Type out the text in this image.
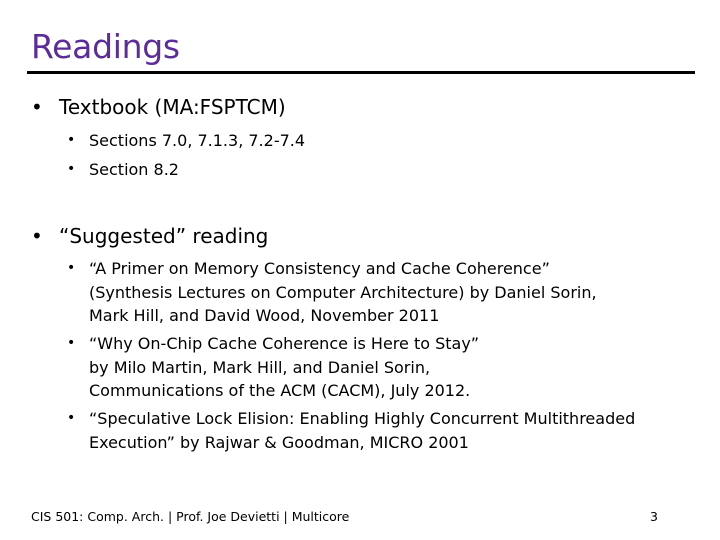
Readings
• Textbook (MA:FSPTCM)
• Sections 7.0, 7.1.3, 7.2-7.4
• Section 8.2
• “Suggested” reading
• “A Primer on Memory Consistency and Cache Coherence”
(Synthesis Lectures on Computer Architecture) by Daniel Sorin,
Mark Hill, and David Wood, November 2011
• “Why On-Chip Cache Coherence is Here to Stay”
by Milo Martin, Mark Hill, and Daniel Sorin,
Communications of the ACM (CACM), July 2012.
• “Speculative Lock Elision: Enabling Highly Concurrent Multithreaded
Execution” by Rajwar & Goodman, MICRO 2001
CIS 501: Comp. Arch. | Prof. Joe Devietti | Multicore	3
